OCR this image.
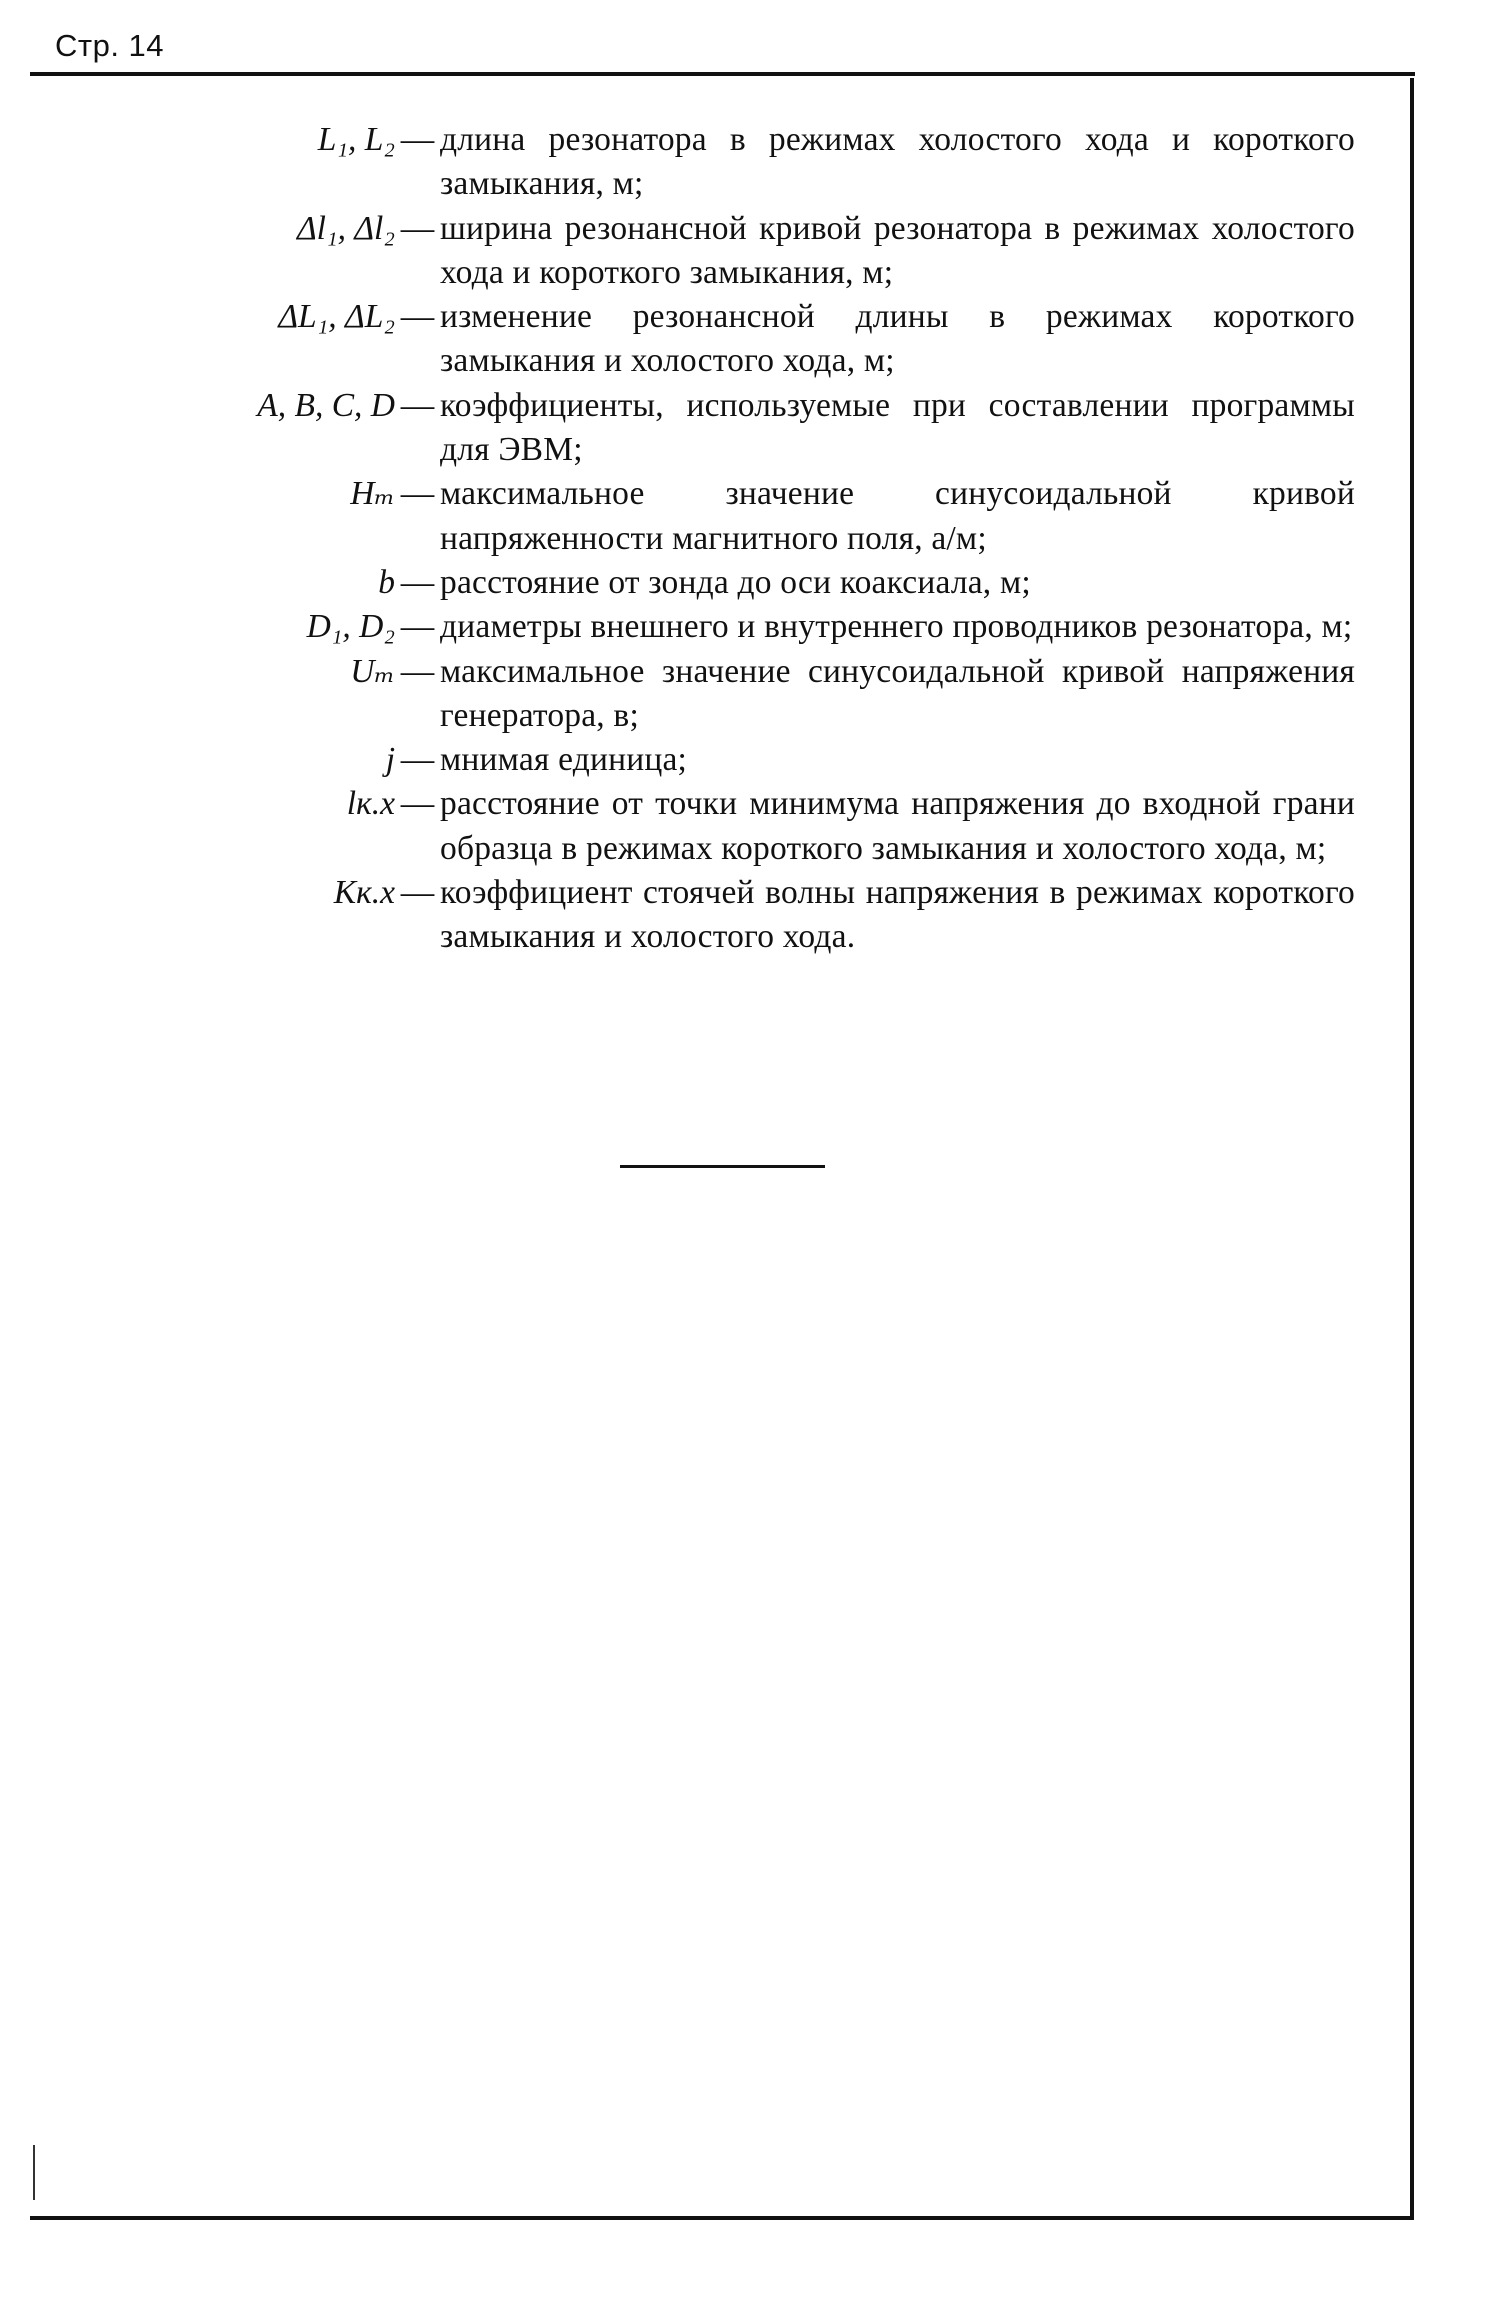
Стр. 14
L₁, L₂ — длина резонатора в режимах холостого хода и короткого замыкания, м;
Δl₁, Δl₂ — ширина резонансной кривой резонатора в режимах холостого хода и короткого замыкания, м;
ΔL₁, ΔL₂ — изменение резонансной длины в режимах короткого замыкания и холостого хода, м;
A, B, C, D — коэффициенты, используемые при составлении программы для ЭВМ;
Hₘ — максимальное значение синусоидальной кривой напряженности магнитного поля, а/м;
b — расстояние от зонда до оси коаксиала, м;
D₁, D₂ — диаметры внешнего и внутреннего проводников резонатора, м;
Uₘ — максимальное значение синусоидальной кривой напряжения генератора, в;
j — мнимая единица;
lк.х — расстояние от точки минимума напряжения до входной грани образца в режимах короткого замыкания и холостого хода, м;
Kк.х — коэффициент стоячей волны напряжения в режимах короткого замыкания и холостого хода.
